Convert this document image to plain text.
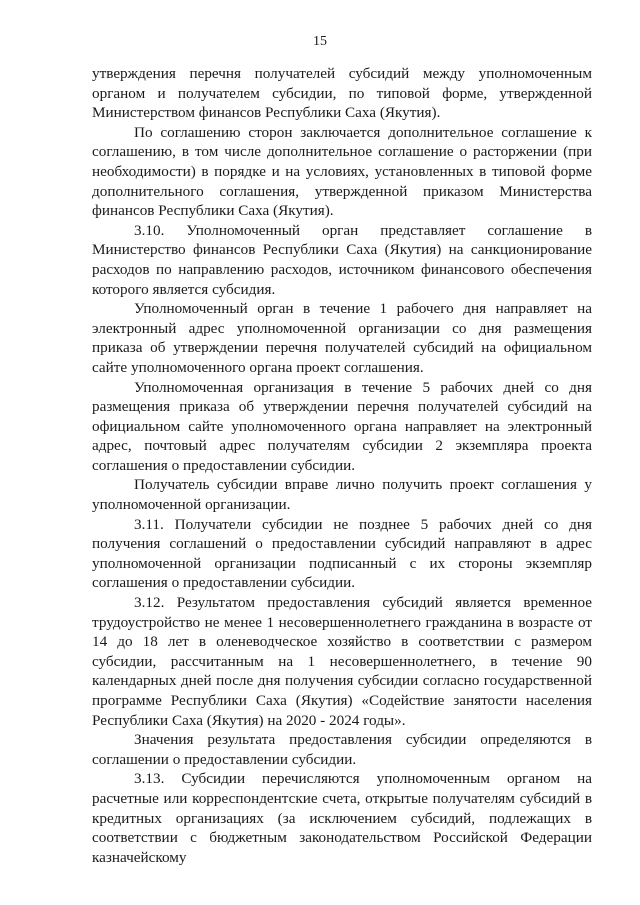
15

утверждения перечня получателей субсидий между уполномоченным органом и получателем субсидии, по типовой форме, утвержденной Министерством финансов Республики Саха (Якутия).

По соглашению сторон заключается дополнительное соглашение к соглашению, в том числе дополнительное соглашение о расторжении (при необходимости) в порядке и на условиях, установленных в типовой форме дополнительного соглашения, утвержденной приказом Министерства финансов Республики Саха (Якутия).

3.10. Уполномоченный орган представляет соглашение в Министерство финансов Республики Саха (Якутия) на санкционирование расходов по направлению расходов, источником финансового обеспечения которого является субсидия.

Уполномоченный орган в течение 1 рабочего дня направляет на электронный адрес уполномоченной организации со дня размещения приказа об утверждении перечня получателей субсидий на официальном сайте уполномоченного органа проект соглашения.

Уполномоченная организация в течение 5 рабочих дней со дня размещения приказа об утверждении перечня получателей субсидий на официальном сайте уполномоченного органа направляет на электронный адрес, почтовый адрес получателям субсидии 2 экземпляра проекта соглашения о предоставлении субсидии.

Получатель субсидии вправе лично получить проект соглашения у уполномоченной организации.

3.11. Получатели субсидии не позднее 5 рабочих дней со дня получения соглашений о предоставлении субсидий направляют в адрес уполномоченной организации подписанный с их стороны экземпляр соглашения о предоставлении субсидии.

3.12. Результатом предоставления субсидий является временное трудоустройство не менее 1 несовершеннолетнего гражданина в возрасте от 14 до 18 лет в оленеводческое хозяйство в соответствии с размером субсидии, рассчитанным на 1 несовершеннолетнего, в течение 90 календарных дней после дня получения субсидии согласно государственной программе Республики Саха (Якутия) «Содействие занятости населения Республики Саха (Якутия) на 2020 - 2024 годы».

Значения результата предоставления субсидии определяются в соглашении о предоставлении субсидии.

3.13. Субсидии перечисляются уполномоченным органом на расчетные или корреспондентские счета, открытые получателям субсидий в кредитных организациях (за исключением субсидий, подлежащих в соответствии с бюджетным законодательством Российской Федерации казначейскому
